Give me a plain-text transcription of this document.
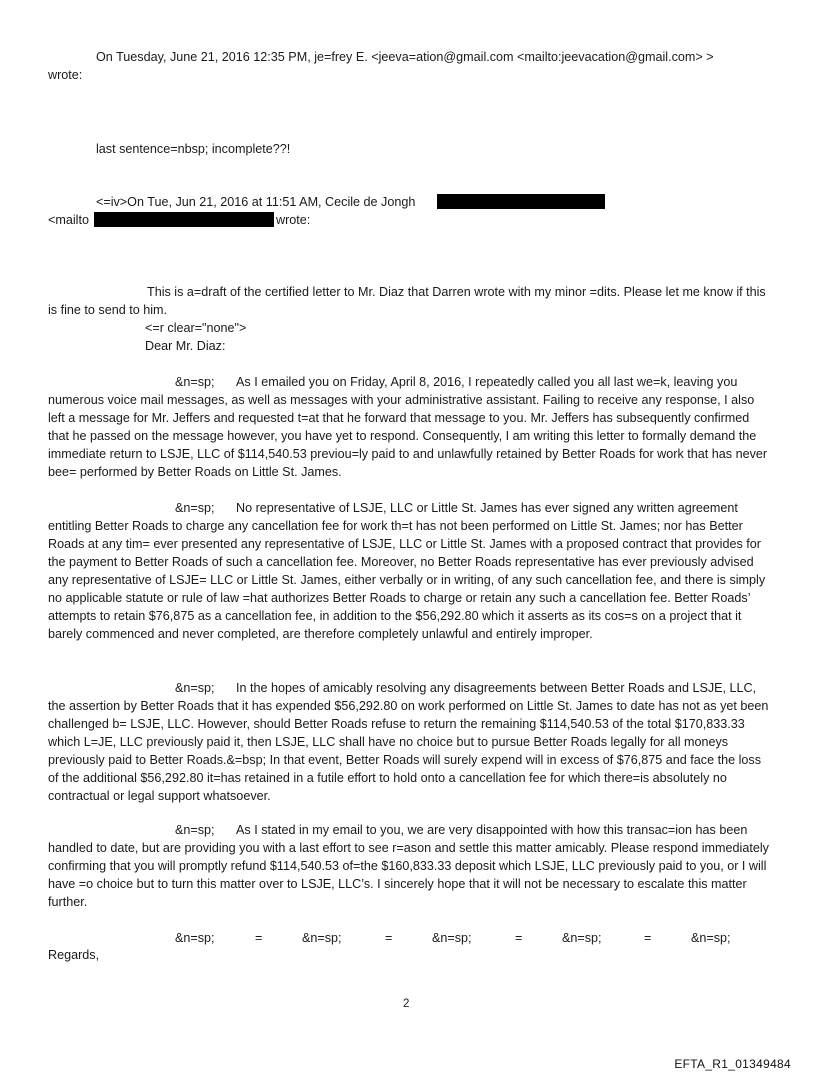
On Tuesday, June 21, 2016 12:35 PM, je=frey E. <jeeva=ation@gmail.com <mailto:jeevacation@gmail.com> >
wrote:
last sentence=nbsp; incomplete??!
<=iv>On Tue, Jun 21, 2016 at 11:51 AM, Cecile de Jongh
<mailto	wrote:

This is a=draft of the certified letter to Mr. Diaz that Darren wrote with my minor =dits. Please let me know if this is fine to send to him.

<=r clear="none">
Dear Mr. Diaz:
&n=sp;	As I emailed you on Friday, April 8, 2016, I repeatedly called you all last we=k, leaving you numerous voice mail messages, as well as messages with your administrative assistant. Failing to receive any response, I also left a message for Mr. Jeffers and requested t=at that he forward that message to you. Mr. Jeffers has subsequently confirmed that he passed on the message however, you have yet to respond. Consequently, I am writing this letter to formally demand the immediate return to LSJE, LLC of $114,540.53 previou=ly paid to and unlawfully retained by Better Roads for work that has never bee= performed by Better Roads on Little St. James.

&n=sp;	No representative of LSJE, LLC or Little St. James has ever signed any written agreement entitling Better Roads to charge any cancellation fee for work th=t has not been performed on Little St. James; nor has Better Roads at any tim= ever presented any representative of LSJE, LLC or Little St. James with a proposed contract that provides for the payment to Better Roads of such a cancellation fee. Moreover, no Better Roads representative has ever previously advised any representative of LSJE= LLC or Little St. James, either verbally or in writing, of any such cancellation fee, and there is simply no applicable statute or rule of law =hat authorizes Better Roads to charge or retain any such a cancellation fee. Better Roads’ attempts to retain $76,875 as a cancellation fee, in addition to the $56,292.80 which it asserts as its cos=s on a project that it barely commenced and never completed, are therefore completely unlawful and entirely improper.

&n=sp;	In the hopes of amicably resolving any disagreements between Better Roads and LSJE, LLC, the assertion by Better Roads that it has expended $56,292.80 on work performed on Little St. James to date has not as yet been challenged b= LSJE, LLC. However, should Better Roads refuse to return the remaining $114,540.53 of the total $170,833.33 which L=JE, LLC previously paid it, then LSJE, LLC shall have no choice but to pursue Better Roads legally for all moneys previously paid to Better Roads.&=bsp; In that event, Better Roads will surely expend will in excess of $76,875 and face the loss of the additional $56,292.80 it=has retained in a futile effort to hold onto a cancellation fee for which there=is absolutely no contractual or legal support whatsoever.

&n=sp;	As I stated in my email to you, we are very disappointed with how this transac=ion has been handled to date, but are providing you with a last effort to see r=ason and settle this matter amicably. Please respond immediately confirming that you will promptly refund $114,540.53 of=the $160,833.33 deposit which LSJE, LLC previously paid to you, or I will have =o choice but to turn this matter over to LSJE, LLC’s. I sincerely hope that it will not be necessary to escalate this matter further.

&n=sp;	=	&n=sp;	=	&n=sp;	=	&n=sp;	=	&n=sp;
Regards,
2
EFTA_R1_01349484
